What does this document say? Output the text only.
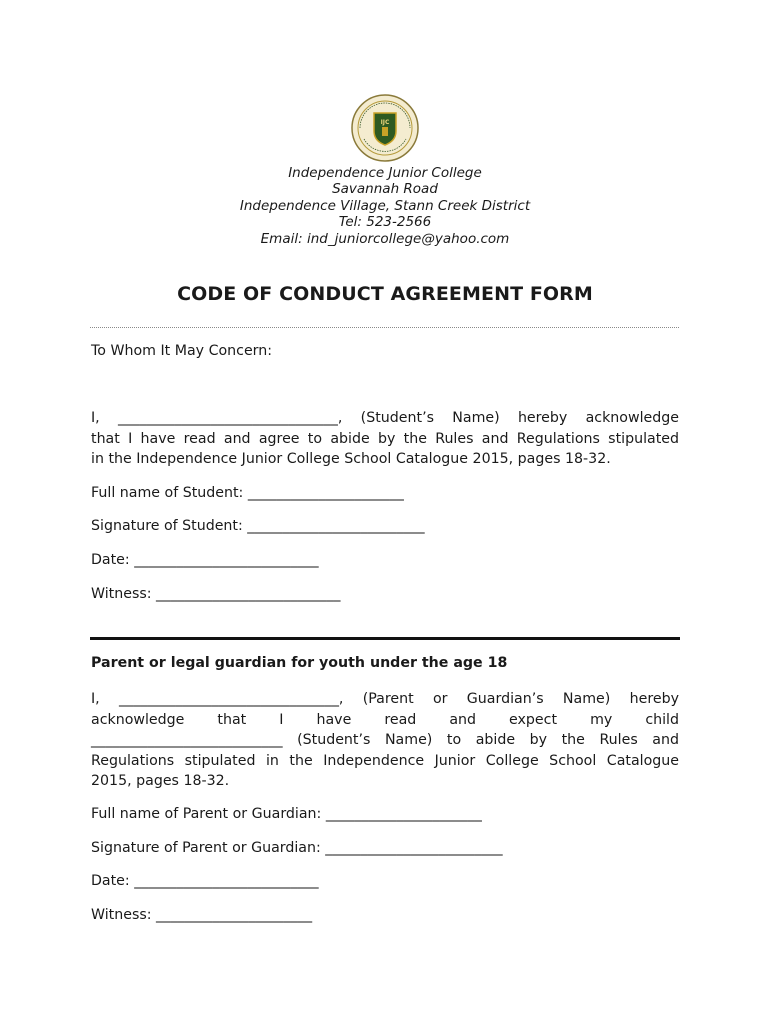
IJC
Independence Junior College
Savannah Road
Independence Village, Stann Creek District
Tel: 523-2566
Email: ind_juniorcollege@yahoo.com
CODE OF CONDUCT AGREEMENT FORM
To Whom It May Concern:
I, _______________________________, (Student’s Name) hereby acknowledge
that I have read and agree to abide by the Rules and Regulations stipulated
in the Independence Junior College School Catalogue 2015, pages 18-32.
Full name of Student: ______________________
Signature of Student: _________________________
Date: __________________________
Witness: __________________________
Parent or legal guardian for youth under the age 18
I, _______________________________, (Parent or Guardian’s Name) hereby
acknowledge that I have read and expect my child
___________________________ (Student’s Name) to abide by the Rules and
Regulations stipulated in the Independence Junior College School Catalogue
2015, pages 18-32.
Full name of Parent or Guardian: ______________________
Signature of Parent or Guardian: _________________________
Date: __________________________
Witness: ______________________
